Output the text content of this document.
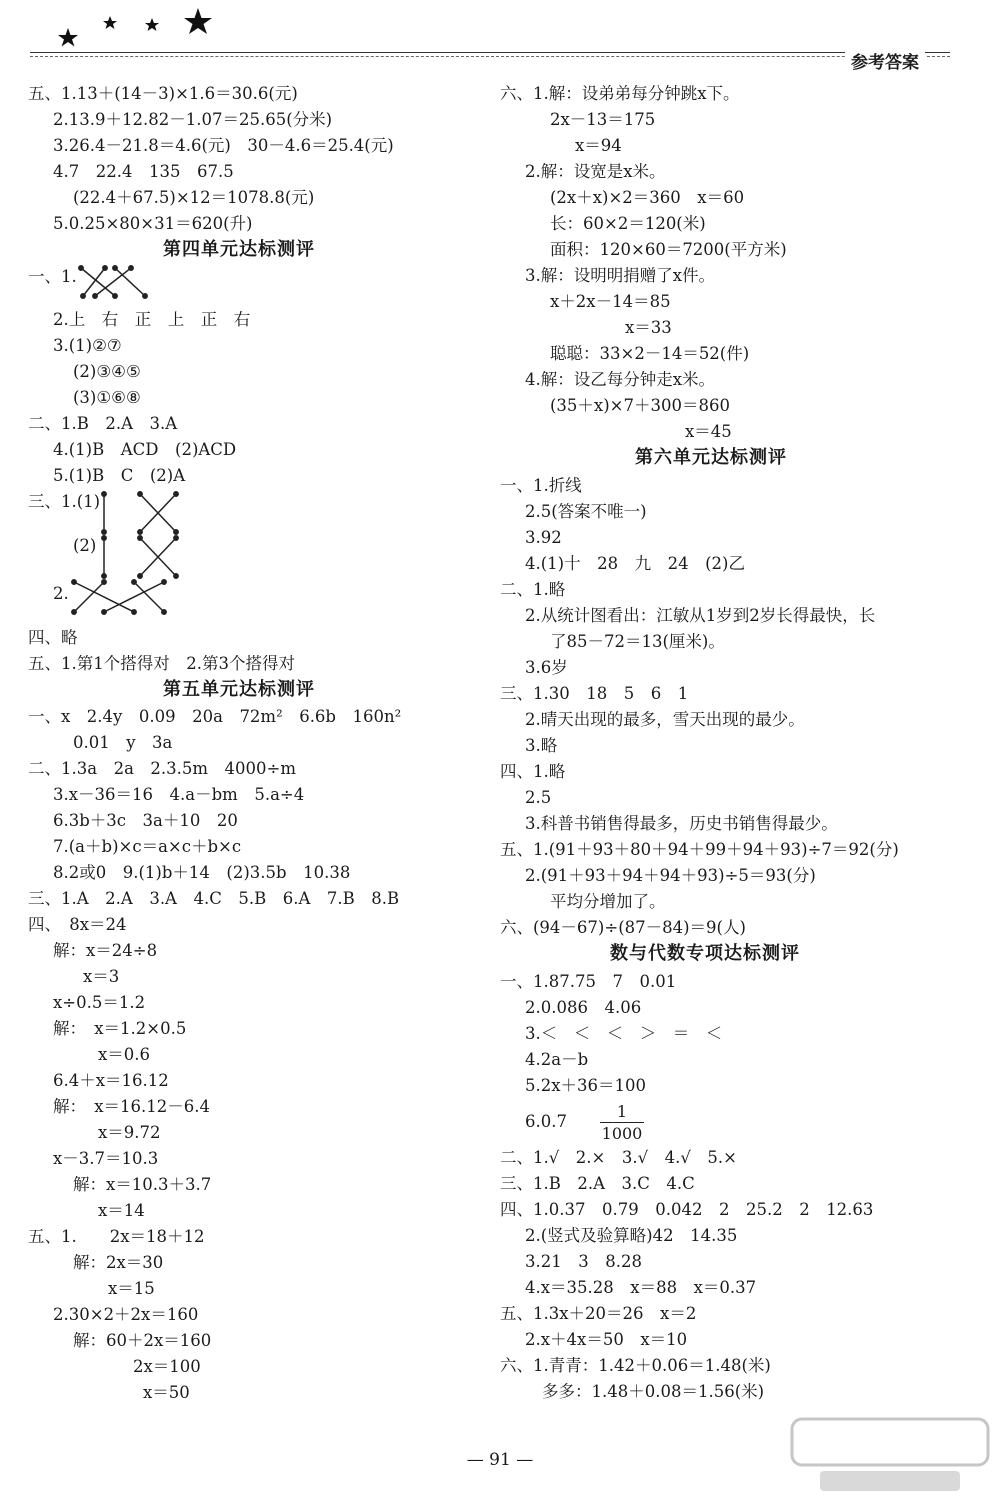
参考答案
五、1.13＋(14－3)×1.6＝30.6(元)
2.13.9＋12.82－1.07＝25.65(分米)
3.26.4－21.8＝4.6(元)　30－4.6＝25.4(元)
4.7　22.4　135　67.5
(22.4＋67.5)×12＝1078.8(元)
5.0.25×80×31＝620(升)
第四单元达标测评
一、1.
2.上　右　正　上　正　右
3.(1)②⑦
(2)③④⑤
(3)①⑥⑧
二、1.B　2.A　3.A
4.(1)B　ACD　(2)ACD
5.(1)B　C　(2)A
三、1.(1)
(2)
2.
四、略
五、1.第1个搭得对　2.第3个搭得对
第五单元达标测评
一、x　2.4y　0.09　20a　72m²　6.6b　160n²
0.01　y　3a
二、1.3a　2a　2.3.5m　4000÷m
3.x－36＝16　4.a－bm　5.a÷4
6.3b＋3c　3a＋10　20
7.(a＋b)×c＝a×c＋b×c
8.2或0　9.(1)b＋14　(2)3.5b　10.38
三、1.A　2.A　3.A　4.C　5.B　6.A　7.B　8.B
四、　8x＝24
解：x＝24÷8
x＝3
x÷0.5＝1.2
解：　x＝1.2×0.5
x＝0.6
6.4＋x＝16.12
解：　x＝16.12－6.4
x＝9.72
x－3.7＝10.3
解：x＝10.3＋3.7
x＝14
五、1.　　2x＝18＋12
解：2x＝30
x＝15
2.30×2＋2x＝160
解：60＋2x＝160
2x＝100
x＝50
1
1000
六、1.解：设弟弟每分钟跳x下。
2x－13＝175
x＝94
2.解：设宽是x米。
(2x＋x)×2＝360　x＝60
长：60×2＝120(米)
面积：120×60＝7200(平方米)
3.解：设明明捐赠了x件。
x＋2x－14＝85
x＝33
聪聪：33×2－14＝52(件)
4.解：设乙每分钟走x米。
(35＋x)×7＋300＝860
x＝45
第六单元达标测评
一、1.折线
2.5(答案不唯一)
3.92
4.(1)十　28　九　24　(2)乙
二、1.略
2.从统计图看出：江敏从1岁到2岁长得最快，长
了85－72＝13(厘米)。
3.6岁
三、1.30　18　5　6　1
2.晴天出现的最多，雪天出现的最少。
3.略
四、1.略
2.5
3.科普书销售得最多，历史书销售得最少。
五、1.(91＋93＋80＋94＋99＋94＋93)÷7＝92(分)
2.(91＋93＋94＋94＋93)÷5＝93(分)
平均分增加了。
六、(94－67)÷(87－84)＝9(人)
数与代数专项达标测评
一、1.87.75　7　0.01
2.0.086　4.06
3.＜　＜　＜　＞　＝　＜
4.2a－b
5.2x＋36＝100
6.0.7
二、1.√　2.×　3.√　4.√　5.×
三、1.B　2.A　3.C　4.C
四、1.0.37　0.79　0.042　2　25.2　2　12.63
2.(竖式及验算略)42　14.35
3.21　3　8.28
4.x＝35.28　x＝88　x＝0.37
五、1.3x＋20＝26　x＝2
2.x＋4x＝50　x＝10
六、1.青青：1.42＋0.06＝1.48(米)
多多：1.48＋0.08＝1.56(米)
— 91 —
